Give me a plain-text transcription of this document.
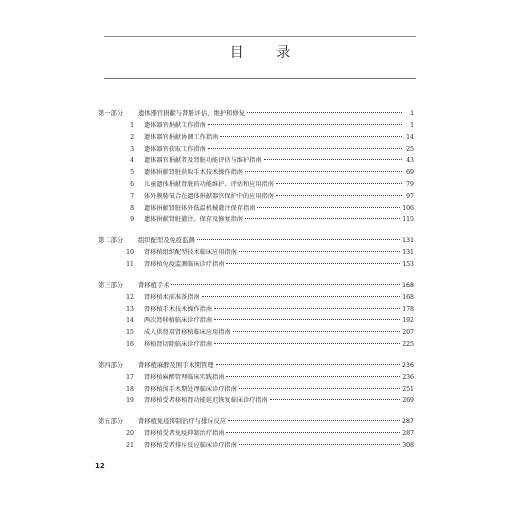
目 录
第一部分	遗体器官捐献与肾脏评估、维护和修复	1
1	遗体器官捐献工作指南	1
2	遗体器官捐献协调工作指南	14
3	遗体器官获取工作指南	25
4	遗体器官捐献者及肾脏功能评估与维护指南	43
5	遗体捐献肾脏获取手术技术操作指南	69
6	儿童遗体捐献肾脏的功能维护、评估和应用指南	79
7	体外膜肺氧合在遗体捐献器官保护中的应用指南	97
8	遗体捐献肾脏体外低温机械灌注保存指南	106
9	遗体捐献肾脏灌注、保存及修复指南	115
第二部分	组织配型及免疫监测	131
10	肾移植组织配型技术临床应用指南	131
11	肾移植免疫监测临床诊疗指南	153
第三部分	肾移植手术	168
12	肾移植术前准备指南	168
13	肾移植手术技术操作指南	178
14	两次肾移植临床诊疗指南	192
15	成人供肾双肾移植临床应用指南	207
16	移植肾切除临床诊疗指南	225
第四部分	肾移植麻醉及围手术期管理	236
17	肾移植麻醉管理临床实践指南	236
18	肾移植围手术期处理临床诊疗指南	251
19	肾移植受者移植肾功能延迟恢复临床诊疗指南	269
第五部分	肾移植免疫抑制治疗与排斥反应	287
20	肾移植受者免疫抑制治疗指南	287
21	肾移植受者排斥反应临床诊疗指南	308
12
